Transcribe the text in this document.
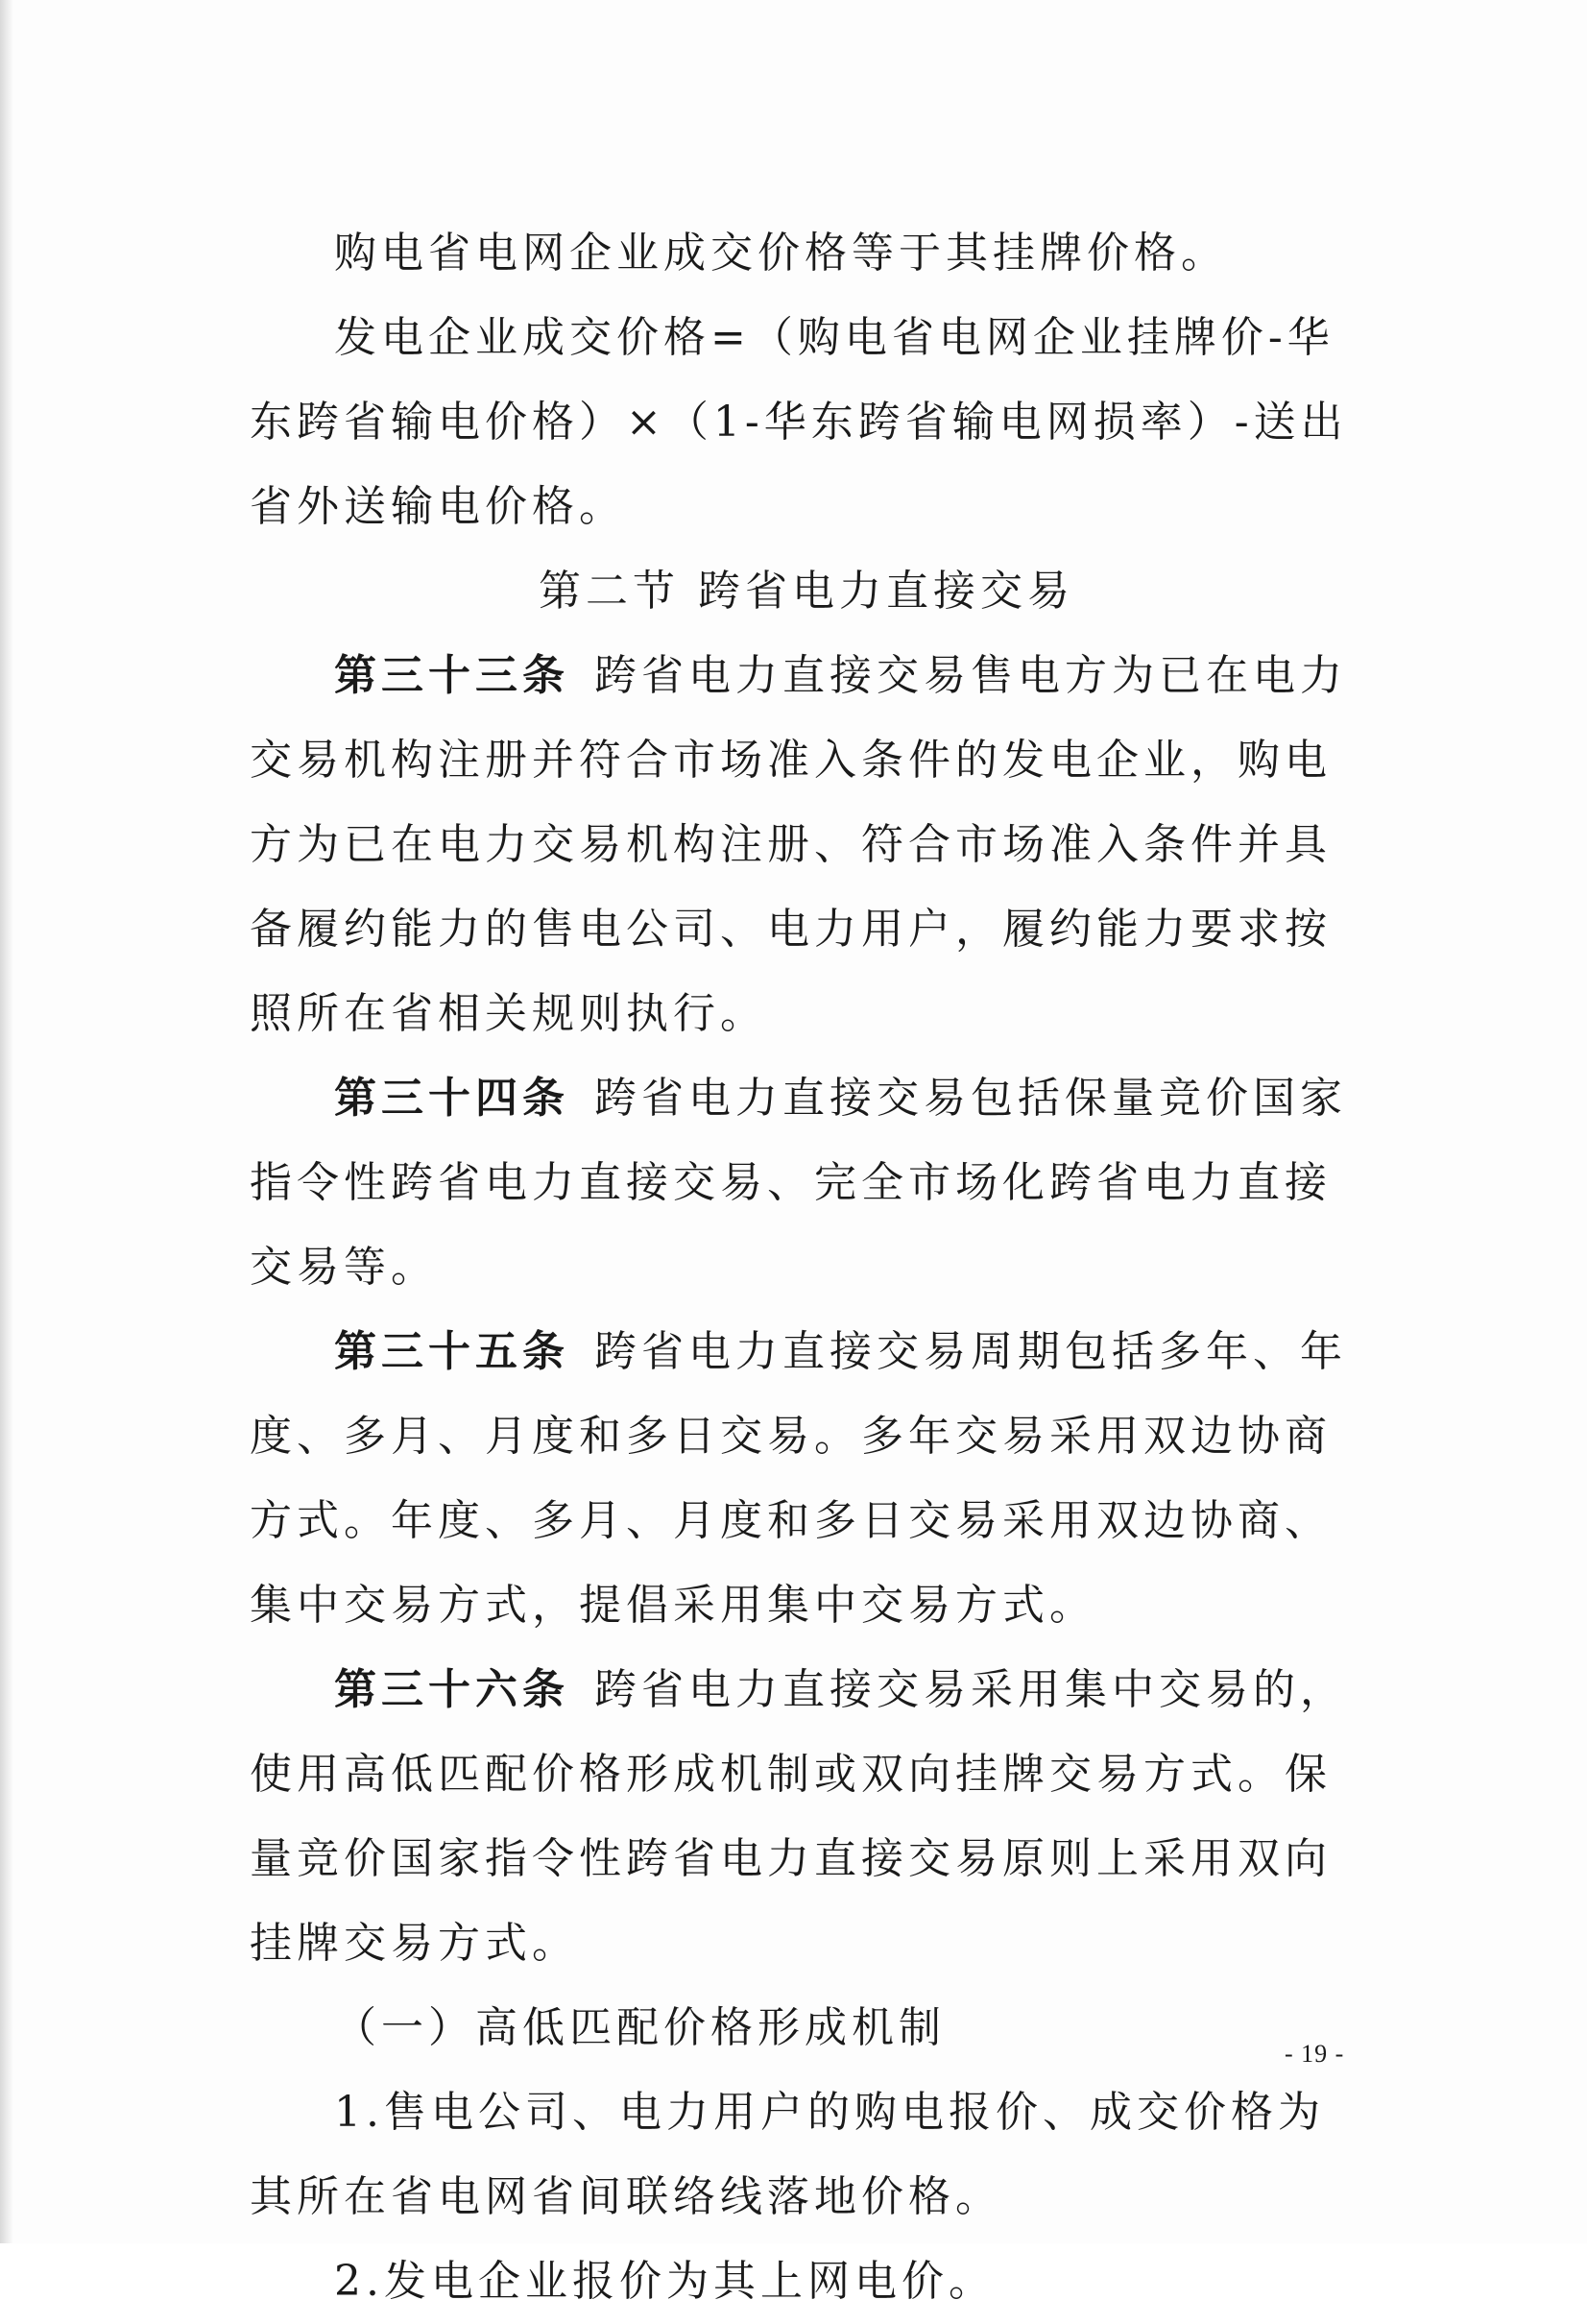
购电省电网企业成交价格等于其挂牌价格。

发电企业成交价格=（购电省电网企业挂牌价-华东跨省输电价格）×（1-华东跨省输电网损率）-送出省外送输电价格。

第二节 跨省电力直接交易

第三十三条 跨省电力直接交易售电方为已在电力交易机构注册并符合市场准入条件的发电企业，购电方为已在电力交易机构注册、符合市场准入条件并具备履约能力的售电公司、电力用户，履约能力要求按照所在省相关规则执行。

第三十四条 跨省电力直接交易包括保量竞价国家指令性跨省电力直接交易、完全市场化跨省电力直接交易等。

第三十五条 跨省电力直接交易周期包括多年、年度、多月、月度和多日交易。多年交易采用双边协商方式。年度、多月、月度和多日交易采用双边协商、集中交易方式，提倡采用集中交易方式。

第三十六条 跨省电力直接交易采用集中交易的，使用高低匹配价格形成机制或双向挂牌交易方式。保量竞价国家指令性跨省电力直接交易原则上采用双向挂牌交易方式。

（一）高低匹配价格形成机制

1.售电公司、电力用户的购电报价、成交价格为其所在省电网省间联络线落地价格。

2.发电企业报价为其上网电价。

- 19 -
